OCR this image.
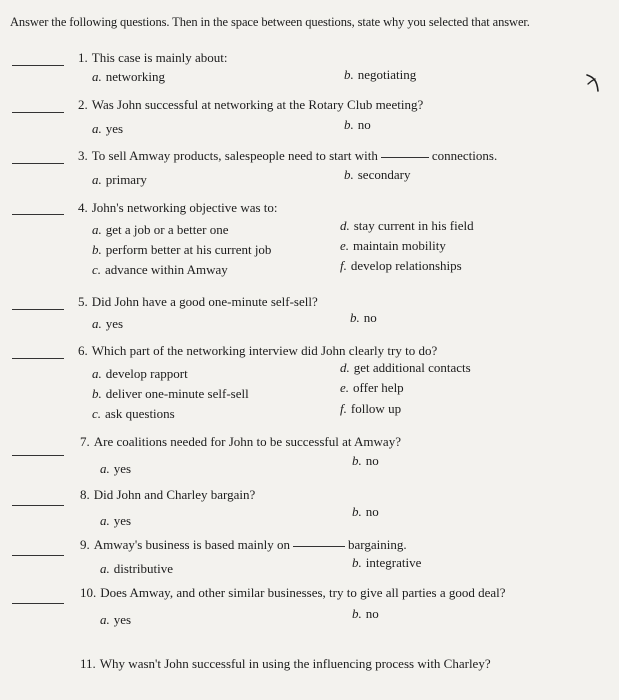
Answer the following questions. Then in the space between questions, state why you selected that answer.
1. This case is mainly about:
a. networking	b. negotiating
2. Was John successful at networking at the Rotary Club meeting?
a. yes	b. no
3. To sell Amway products, salespeople need to start with	connections.
a. primary	b. secondary
4. John's networking objective was to:
a. get a job or a better one
b. perform better at his current job
c. advance within Amway
d. stay current in his field
e. maintain mobility
f. develop relationships
5. Did John have a good one-minute self-sell?
a. yes	b. no
6. Which part of the networking interview did John clearly try to do?
a. develop rapport
b. deliver one-minute self-sell
c. ask questions
d. get additional contacts
e. offer help
f. follow up
7. Are coalitions needed for John to be successful at Amway?
a. yes
b. no
8. Did John and Charley bargain?
a. yes
b. no
9. Amway's business is based mainly on	bargaining.
a. distributive	b. integrative
10. Does Amway, and other similar businesses, try to give all parties a good deal?
a. yes	b. no
11. Why wasn't John successful in using the influencing process with Charley?
